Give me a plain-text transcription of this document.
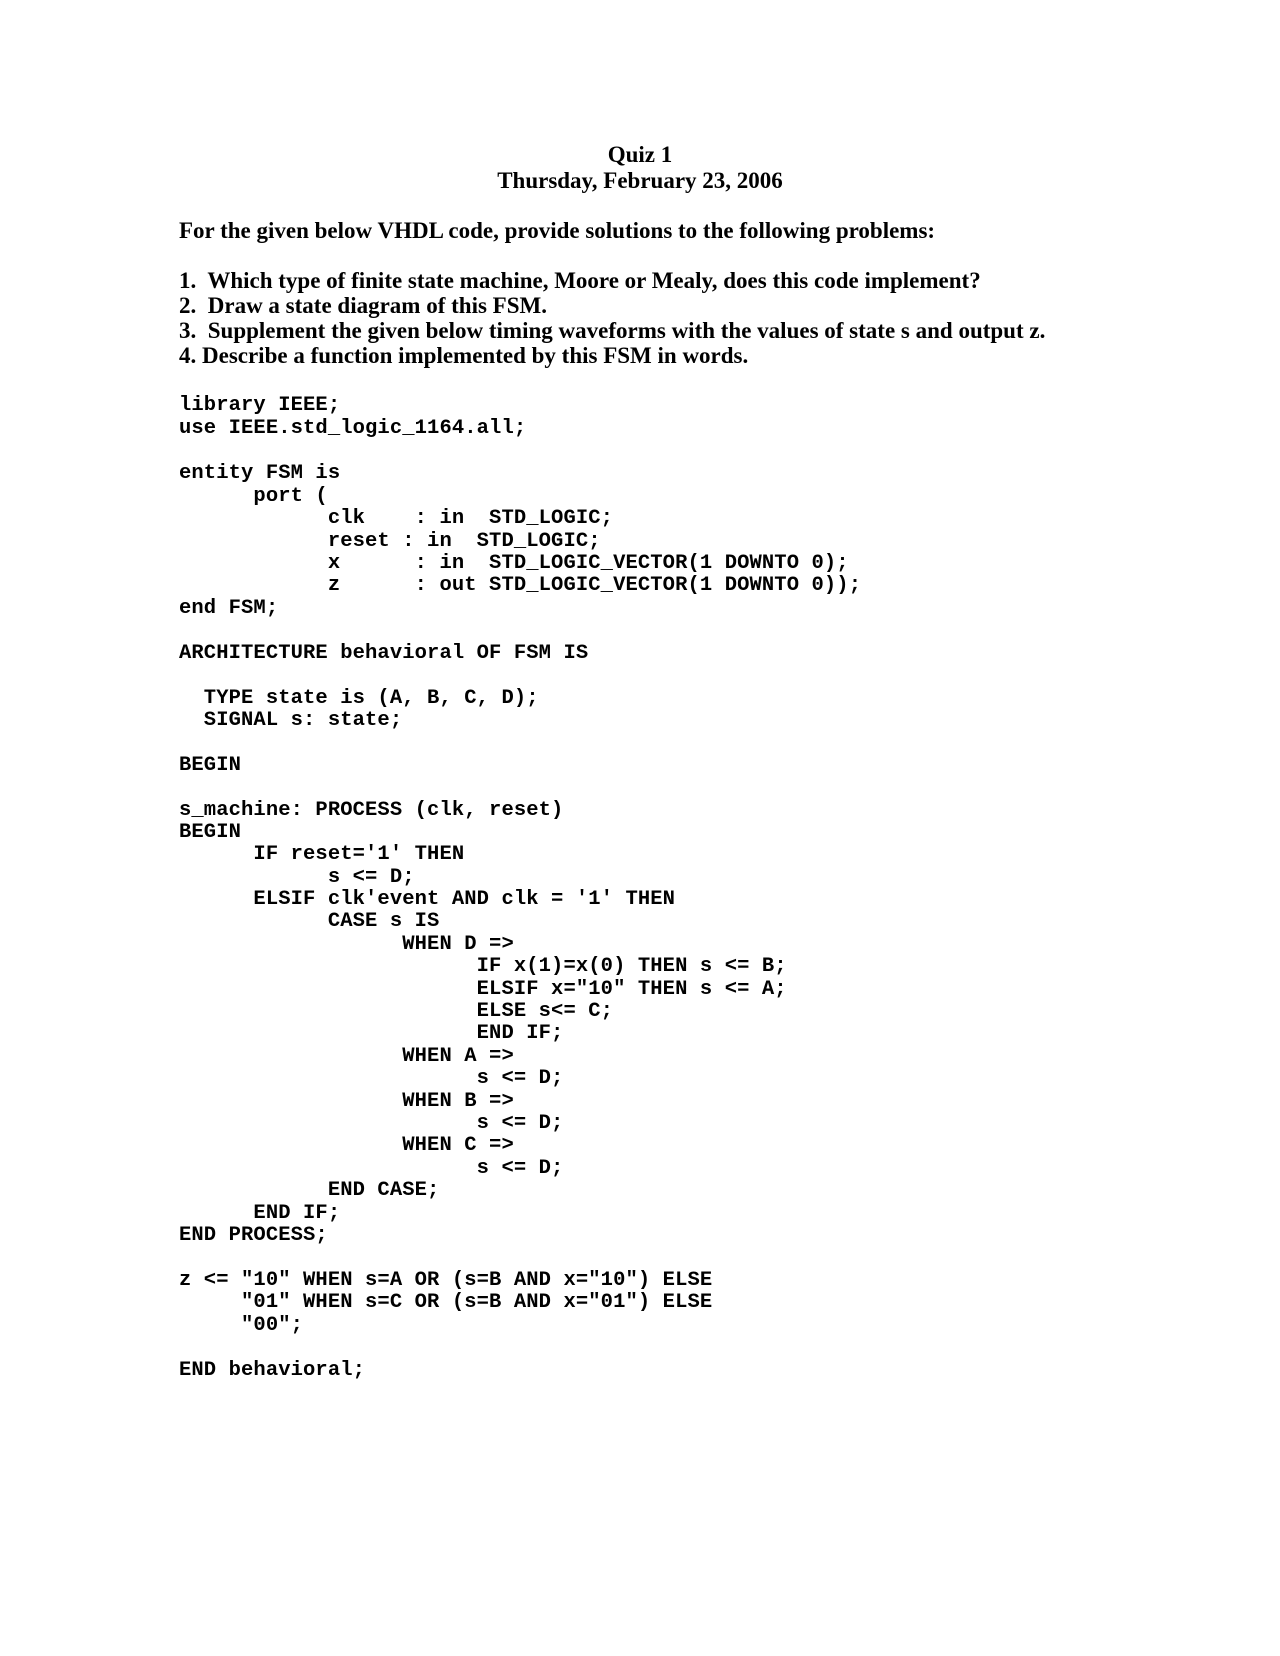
Quiz 1

Thursday, February 23, 2006

For the given below VHDL code, provide solutions to the following problems:

1.  Which type of finite state machine, Moore or Mealy, does this code implement?

2.  Draw a state diagram of this FSM.

3.  Supplement the given below timing waveforms with the values of state s and output z.

4. Describe a function implemented by this FSM in words.

library IEEE;

use IEEE.std_logic_1164.all;

entity FSM is

port (

clk    : in  STD_LOGIC;

reset : in  STD_LOGIC;

x      : in  STD_LOGIC_VECTOR(1 DOWNTO 0);

z      : out STD_LOGIC_VECTOR(1 DOWNTO 0));

end FSM;

ARCHITECTURE behavioral OF FSM IS

TYPE state is (A, B, C, D);

SIGNAL s: state;

BEGIN

s_machine: PROCESS (clk, reset)

BEGIN

IF reset='1' THEN

s <= D;

ELSIF clk'event AND clk = '1' THEN

CASE s IS

WHEN D =>

IF x(1)=x(0) THEN s <= B;

ELSIF x="10" THEN s <= A;

ELSE s<= C;

END IF;

WHEN A =>

s <= D;

WHEN B =>

s <= D;

WHEN C =>

s <= D;

END CASE;

END IF;

END PROCESS;

z <= "10" WHEN s=A OR (s=B AND x="10") ELSE

"01" WHEN s=C OR (s=B AND x="01") ELSE

"00";

END behavioral;
